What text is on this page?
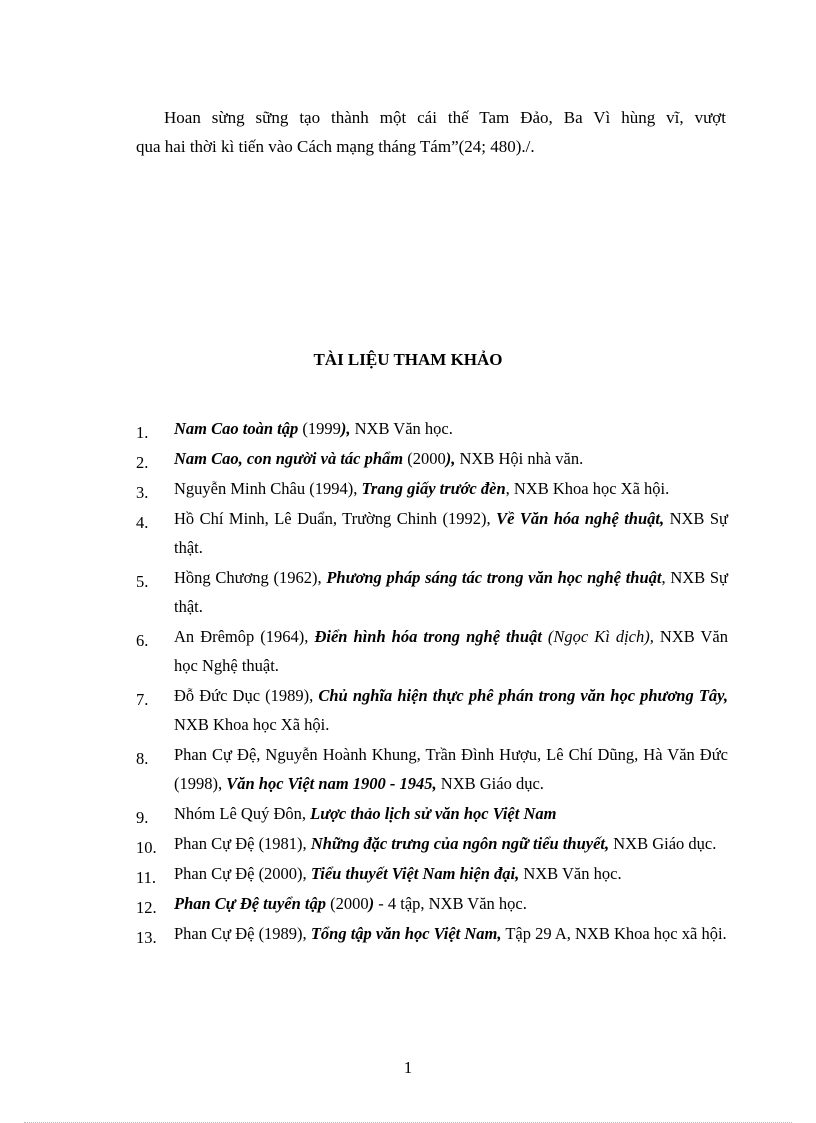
Hoan sừng sững tạo thành một cái thế Tam Đảo, Ba Vì hùng vĩ, vượt
qua hai thời kì tiến vào Cách mạng tháng Tám”(24; 480)./.
TÀI LIỆU THAM KHẢO
1.	Nam Cao toàn tập (1999), NXB Văn học.
2.	Nam Cao, con người và tác phẩm (2000), NXB Hội nhà văn.
3.	Nguyễn Minh Châu (1994), Trang giấy trước đèn, NXB Khoa học Xã hội.
4.	Hồ Chí Minh, Lê Duẩn, Trường Chinh (1992), Về Văn hóa nghệ thuật, NXB Sự thật.
5.	Hồng Chương (1962), Phương pháp sáng tác trong văn học nghệ thuật, NXB Sự thật.
6.	An Đrêmôp (1964), Điển hình hóa trong nghệ thuật (Ngọc Kì dịch), NXB Văn học Nghệ thuật.
7.	Đỗ Đức Dục (1989), Chủ nghĩa hiện thực phê phán trong văn học phương Tây, NXB Khoa học Xã hội.
8.	Phan Cự Đệ, Nguyễn Hoành Khung, Trần Đình Hượu, Lê Chí Dũng, Hà Văn Đức (1998), Văn học Việt nam 1900 - 1945, NXB Giáo dục.
9.	Nhóm Lê Quý Đôn, Lược thảo lịch sử văn học Việt Nam
10.	Phan Cự Đệ (1981), Những đặc trưng của ngôn ngữ tiểu thuyết, NXB Giáo dục.
11.	Phan Cự Đệ (2000), Tiểu thuyết Việt Nam hiện đại, NXB Văn học.
12.	Phan Cự Đệ tuyển tập (2000) - 4 tập, NXB Văn học.
13.	Phan Cự Đệ (1989), Tổng tập văn học Việt Nam, Tập 29 A, NXB Khoa học xã hội.
1
